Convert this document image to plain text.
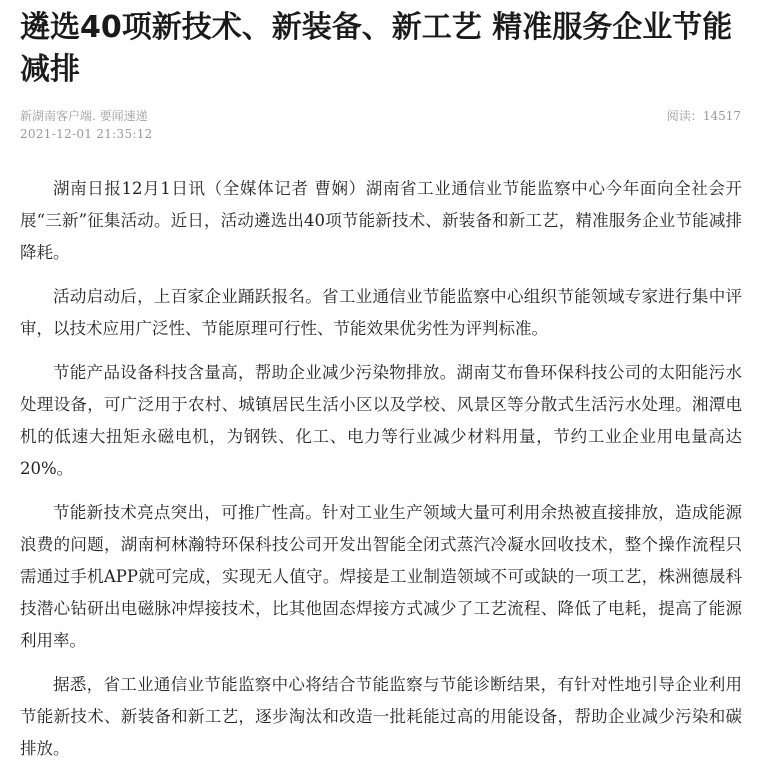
遴选40项新技术、新装备、新工艺 精准服务企业节能减排
新湖南客户端. 要闻速递
2021-12-01 21:35:12
阅读：14517

湖南日报12月1日讯（全媒体记者 曹娴）湖南省工业通信业节能监察中心今年面向全社会开展“三新”征集活动。近日，活动遴选出40项节能新技术、新装备和新工艺，精准服务企业节能减排降耗。

活动启动后，上百家企业踊跃报名。省工业通信业节能监察中心组织节能领域专家进行集中评审，以技术应用广泛性、节能原理可行性、节能效果优劣性为评判标准。

节能产品设备科技含量高，帮助企业减少污染物排放。湖南艾布鲁环保科技公司的太阳能污水处理设备，可广泛用于农村、城镇居民生活小区以及学校、风景区等分散式生活污水处理。湘潭电机的低速大扭矩永磁电机，为钢铁、化工、电力等行业减少材料用量，节约工业企业用电量高达20%。

节能新技术亮点突出，可推广性高。针对工业生产领域大量可利用余热被直接排放，造成能源浪费的问题，湖南柯林瀚特环保科技公司开发出智能全闭式蒸汽冷凝水回收技术，整个操作流程只需通过手机APP就可完成，实现无人值守。焊接是工业制造领域不可或缺的一项工艺，株洲德晟科技潜心钻研出电磁脉冲焊接技术，比其他固态焊接方式减少了工艺流程、降低了电耗，提高了能源利用率。

据悉，省工业通信业节能监察中心将结合节能监察与节能诊断结果，有针对性地引导企业利用节能新技术、新装备和新工艺，逐步淘汰和改造一批耗能过高的用能设备，帮助企业减少污染和碳排放。
